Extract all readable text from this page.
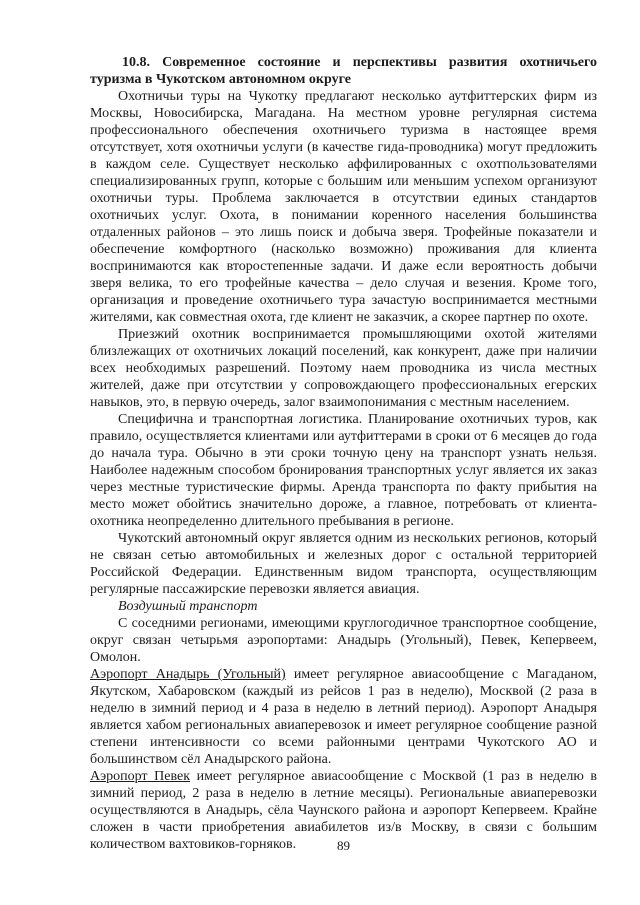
10.8. Современное состояние и перспективы развития охотничьего туризма в Чукотском автономном округе

Охотничьи туры на Чукотку предлагают несколько аутфиттерских фирм из Москвы, Новосибирска, Магадана. На местном уровне регулярная система профессионального обеспечения охотничьего туризма в настоящее время отсутствует, хотя охотничьи услуги (в качестве гида-проводника) могут предложить в каждом селе. Существует несколько аффилированных с охотпользователями специализированных групп, которые с большим или меньшим успехом организуют охотничьи туры. Проблема заключается в отсутствии единых стандартов охотничьих услуг. Охота, в понимании коренного населения большинства отдаленных районов – это лишь поиск и добыча зверя. Трофейные показатели и обеспечение комфортного (насколько возможно) проживания для клиента воспринимаются как второстепенные задачи. И даже если вероятность добычи зверя велика, то его трофейные качества – дело случая и везения. Кроме того, организация и проведение охотничьего тура зачастую воспринимается местными жителями, как совместная охота, где клиент не заказчик, а скорее партнер по охоте.

Приезжий охотник воспринимается промышляющими охотой жителями близлежащих от охотничьих локаций поселений, как конкурент, даже при наличии всех необходимых разрешений. Поэтому наем проводника из числа местных жителей, даже при отсутствии у сопровождающего профессиональных егерских навыков, это, в первую очередь, залог взаимопонимания с местным населением.

Специфична и транспортная логистика. Планирование охотничьих туров, как правило, осуществляется клиентами или аутфиттерами в сроки от 6 месяцев до года до начала тура. Обычно в эти сроки точную цену на транспорт узнать нельзя. Наиболее надежным способом бронирования транспортных услуг является их заказ через местные туристические фирмы. Аренда транспорта по факту прибытия на место может обойтись значительно дороже, а главное, потребовать от клиента-охотника неопределенно длительного пребывания в регионе.

Чукотский автономный округ является одним из нескольких регионов, который не связан сетью автомобильных и железных дорог с остальной территорией Российской Федерации. Единственным видом транспорта, осуществляющим регулярные пассажирские перевозки является авиация.

Воздушный транспорт

С соседними регионами, имеющими круглогодичное транспортное сообщение, округ связан четырьмя аэропортами: Анадырь (Угольный), Певек, Кепервеем, Омолон.

Аэропорт Анадырь (Угольный) имеет регулярное авиасообщение с Магаданом, Якутском, Хабаровском (каждый из рейсов 1 раз в неделю), Москвой (2 раза в неделю в зимний период и 4 раза в неделю в летний период). Аэропорт Анадыря является хабом региональных авиаперевозок и имеет регулярное сообщение разной степени интенсивности со всеми районными центрами Чукотского АО и большинством сёл Анадырского района.

Аэропорт Певек имеет регулярное авиасообщение с Москвой (1 раз в неделю в зимний период, 2 раза в неделю в летние месяцы). Региональные авиаперевозки осуществляются в Анадырь, сёла Чаунского района и аэропорт Кепервеем. Крайне сложен в части приобретения авиабилетов из/в Москву, в связи с большим количеством вахтовиков-горняков.	89
